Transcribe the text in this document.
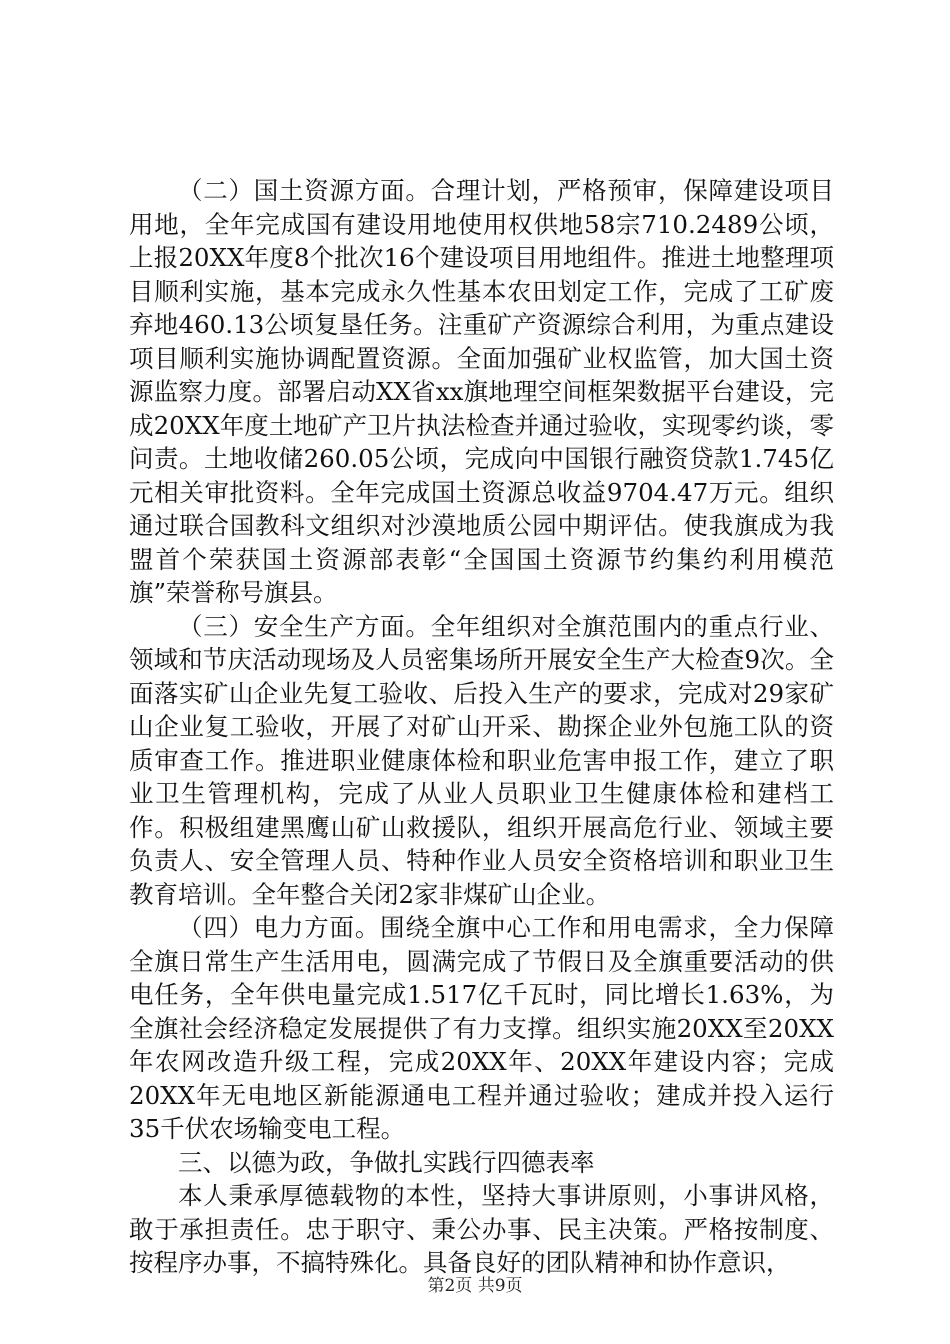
（二）国土资源方面。合理计划，严格预审，保障建设项目用地，全年完成国有建设用地使用权供地58宗710.2489公顷，上报20XX年度8个批次16个建设项目用地组件。推进土地整理项目顺利实施，基本完成永久性基本农田划定工作，完成了工矿废弃地460.13公顷复垦任务。注重矿产资源综合利用，为重点建设项目顺利实施协调配置资源。全面加强矿业权监管，加大国土资源监察力度。部署启动XX省xx旗地理空间框架数据平台建设，完成20XX年度土地矿产卫片执法检查并通过验收，实现零约谈，零问责。土地收储260.05公顷，完成向中国银行融资贷款1.745亿元相关审批资料。全年完成国土资源总收益9704.47万元。组织通过联合国教科文组织对沙漠地质公园中期评估。使我旗成为我盟首个荣获国土资源部表彰“全国国土资源节约集约利用模范旗”荣誉称号旗县。

（三）安全生产方面。全年组织对全旗范围内的重点行业、领域和节庆活动现场及人员密集场所开展安全生产大检查9次。全面落实矿山企业先复工验收、后投入生产的要求，完成对29家矿山企业复工验收，开展了对矿山开采、勘探企业外包施工队的资质审查工作。推进职业健康体检和职业危害申报工作，建立了职业卫生管理机构，完成了从业人员职业卫生健康体检和建档工作。积极组建黑鹰山矿山救援队，组织开展高危行业、领域主要负责人、安全管理人员、特种作业人员安全资格培训和职业卫生教育培训。全年整合关闭2家非煤矿山企业。

（四）电力方面。围绕全旗中心工作和用电需求，全力保障全旗日常生产生活用电，圆满完成了节假日及全旗重要活动的供电任务，全年供电量完成1.517亿千瓦时，同比增长1.63%，为全旗社会经济稳定发展提供了有力支撑。组织实施20XX至20XX年农网改造升级工程，完成20XX年、20XX年建设内容；完成20XX年无电地区新能源通电工程并通过验收；建成并投入运行35千伏农场输变电工程。

三、以德为政，争做扎实践行四德表率

本人秉承厚德载物的本性，坚持大事讲原则，小事讲风格，敢于承担责任。忠于职守、秉公办事、民主决策。严格按制度、按程序办事，不搞特殊化。具备良好的团队精神和协作意识，

第2页 共9页
